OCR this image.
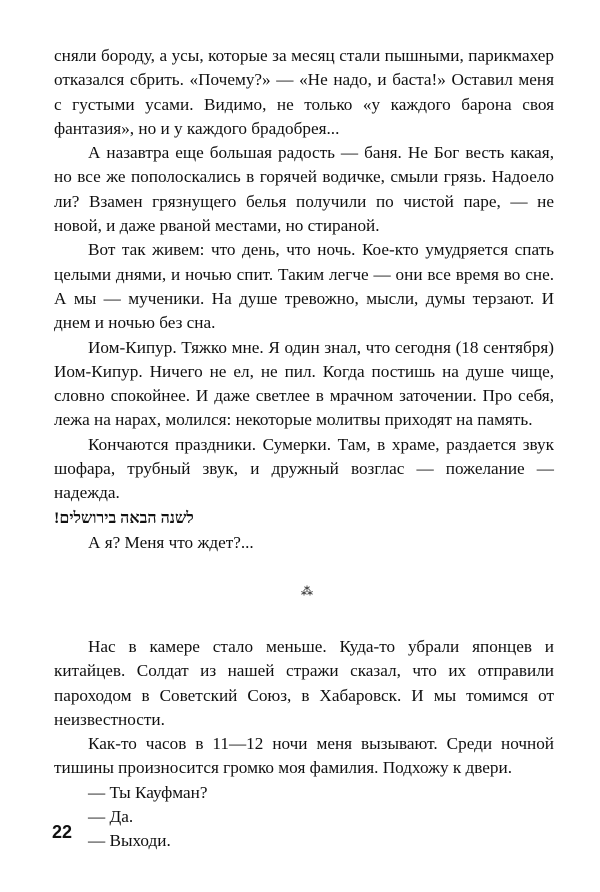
сняли бороду, а усы, которые за месяц стали пышными, парикмахер отказался сбрить. «Почему?» — «Не надо, и баста!» Оставил меня с густыми усами. Видимо, не только «у каждого барона своя фантазия», но и у каждого брадобрея...

А назавтра еще большая радость — баня. Не Бог весть какая, но все же пополоскались в горячей водичке, смыли грязь. Надоело ли? Взамен грязнущего белья получили по чистой паре, — не новой, и даже рваной местами, но стираной.

Вот так живем: что день, что ночь. Кое-кто умудряется спать целыми днями, и ночью спит. Таким легче — они все время во сне. А мы — мученики. На душе тревожно, мысли, думы терзают. И днем и ночью без сна.

Иом-Кипур. Тяжко мне. Я один знал, что сегодня (18 сентября) Иом-Кипур. Ничего не ел, не пил. Когда постишь на душе чище, словно спокойнее. И даже светлее в мрачном заточении. Про себя, лежа на нарах, молился: некоторые молитвы приходят на память.

Кончаются праздники. Сумерки. Там, в храме, раздается звук шофара, трубный звук, и дружный возглас — пожелание — надежда.

לשנה הבאה בירושלים!

А я? Меня что ждет?...

⁂

Нас в камере стало меньше. Куда-то убрали японцев и китайцев. Солдат из нашей стражи сказал, что их отправили пароходом в Советский Союз, в Хабаровск. И мы томимся от неизвестности.

Как-то часов в 11—12 ночи меня вызывают. Среди ночной тишины произносится громко моя фамилия. Подхожу к двери.

— Ты Кауфман?

— Да.

— Выходи.

22
